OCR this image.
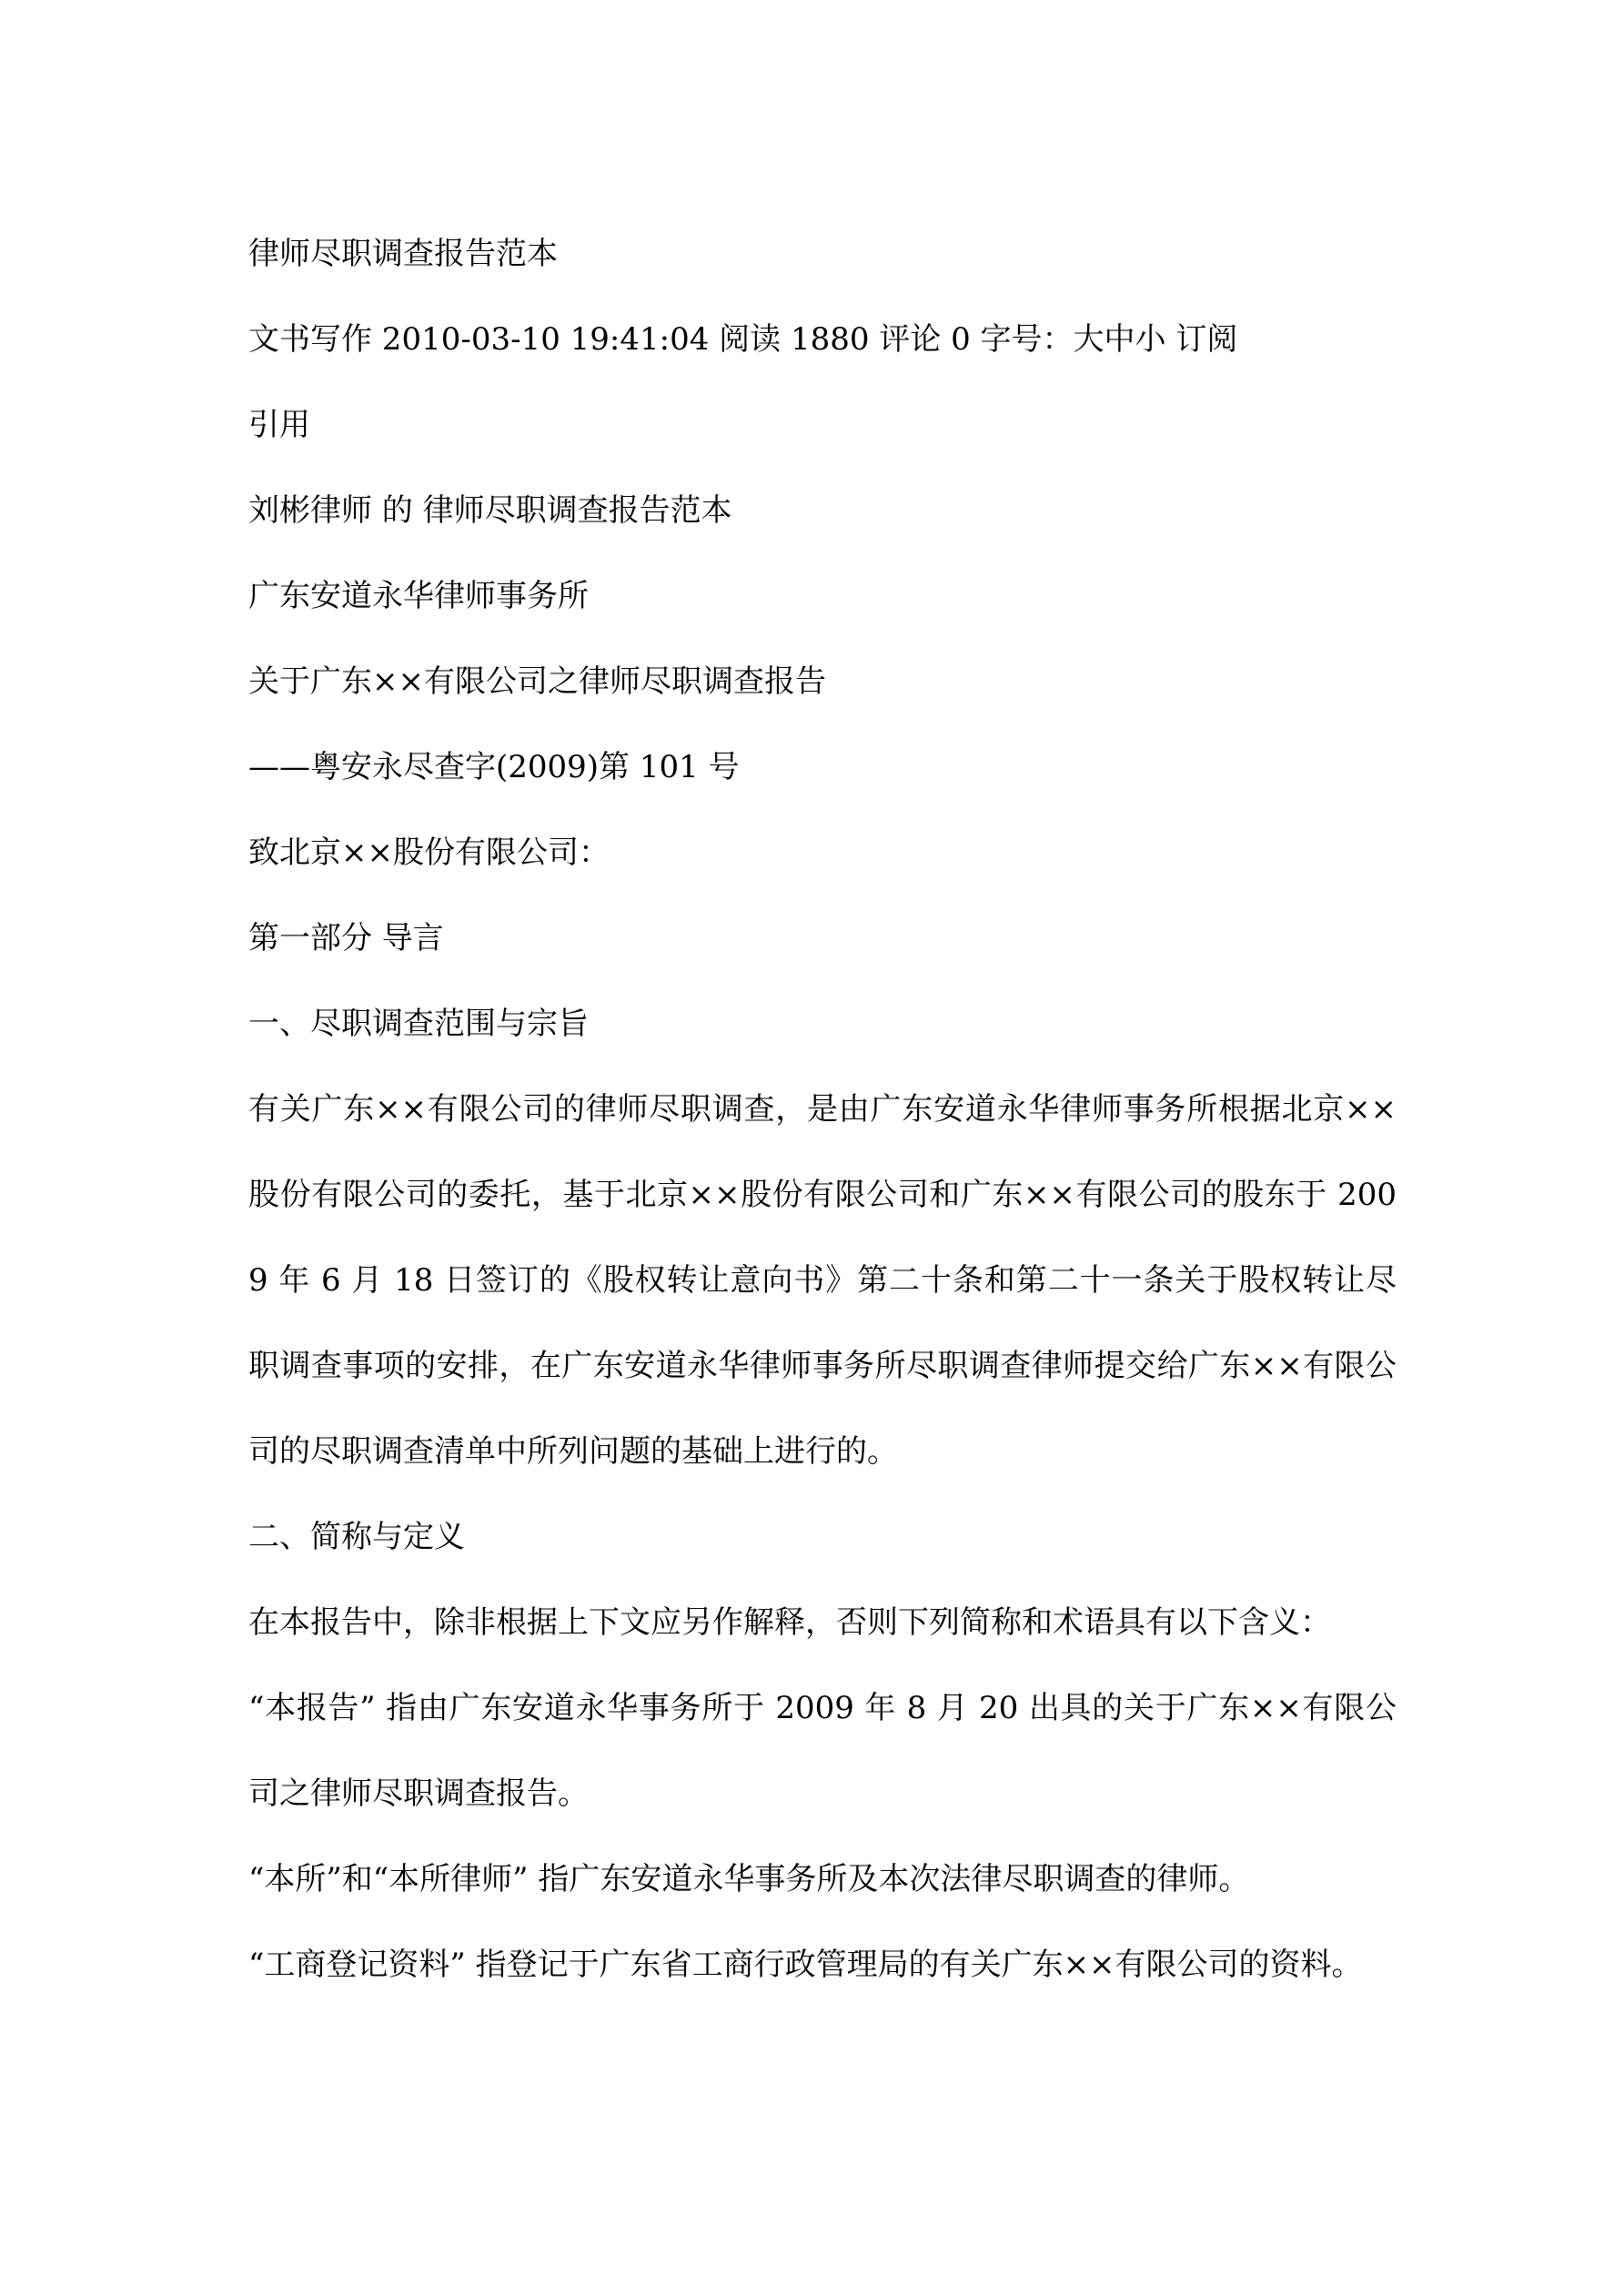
律师尽职调查报告范本
文书写作 2010-03-10 19:41:04 阅读 1880 评论 0 字号：大中小 订阅
引用
刘彬律师 的 律师尽职调查报告范本
广东安道永华律师事务所
关于广东××有限公司之律师尽职调查报告
——粤安永尽查字(2009)第 101 号
致北京××股份有限公司：
第一部分 导言
一、尽职调查范围与宗旨
有关广东××有限公司的律师尽职调查，是由广东安道永华律师事务所根据北京××股份有限公司的委托，基于北京××股份有限公司和广东××有限公司的股东于 2009 年 6 月 18 日签订的《股权转让意向书》第二十条和第二十一条关于股权转让尽职调查事项的安排，在广东安道永华律师事务所尽职调查律师提交给广东××有限公司的尽职调查清单中所列问题的基础上进行的。
二、简称与定义
在本报告中，除非根据上下文应另作解释，否则下列简称和术语具有以下含义：
“本报告” 指由广东安道永华事务所于 2009 年 8 月 20 出具的关于广东××有限公司之律师尽职调查报告。
“本所”和“本所律师” 指广东安道永华事务所及本次法律尽职调查的律师。
“工商登记资料” 指登记于广东省工商行政管理局的有关广东××有限公司的资料。
